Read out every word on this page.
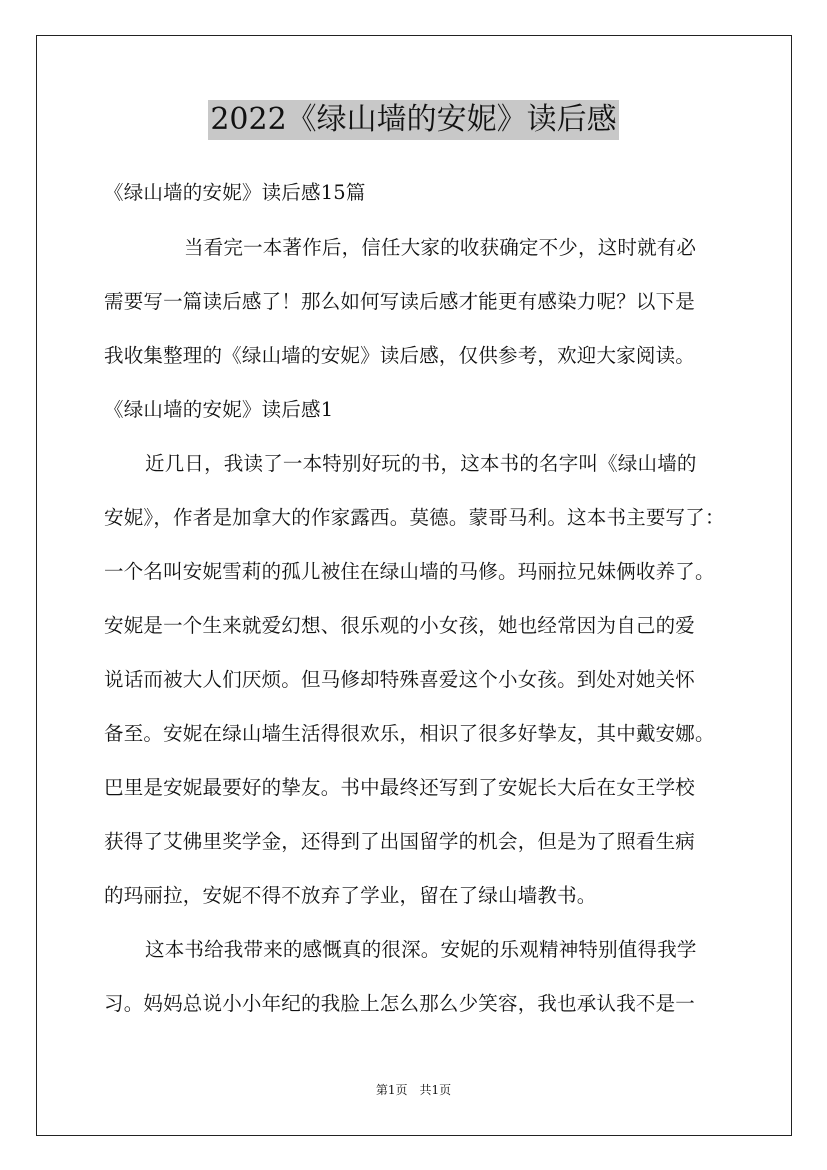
2022《绿山墙的安妮》读后感
《绿山墙的安妮》读后感15篇
当看完一本著作后，信任大家的收获确定不少，这时就有必
需要写一篇读后感了！那么如何写读后感才能更有感染力呢？以下是
我收集整理的《绿山墙的安妮》读后感，仅供参考，欢迎大家阅读。
《绿山墙的安妮》读后感1
近几日，我读了一本特别好玩的书，这本书的名字叫《绿山墙的
安妮》，作者是加拿大的作家露西。莫德。蒙哥马利。这本书主要写了：
一个名叫安妮雪莉的孤儿被住在绿山墙的马修。玛丽拉兄妹俩收养了。
安妮是一个生来就爱幻想、很乐观的小女孩，她也经常因为自己的爱
说话而被大人们厌烦。但马修却特殊喜爱这个小女孩。到处对她关怀
备至。安妮在绿山墙生活得很欢乐，相识了很多好挚友，其中戴安娜。
巴里是安妮最要好的挚友。书中最终还写到了安妮长大后在女王学校
获得了艾佛里奖学金，还得到了出国留学的机会，但是为了照看生病
的玛丽拉，安妮不得不放弃了学业，留在了绿山墙教书。
这本书给我带来的感慨真的很深。安妮的乐观精神特别值得我学
习。妈妈总说小小年纪的我脸上怎么那么少笑容，我也承认我不是一
第1页　共1页
